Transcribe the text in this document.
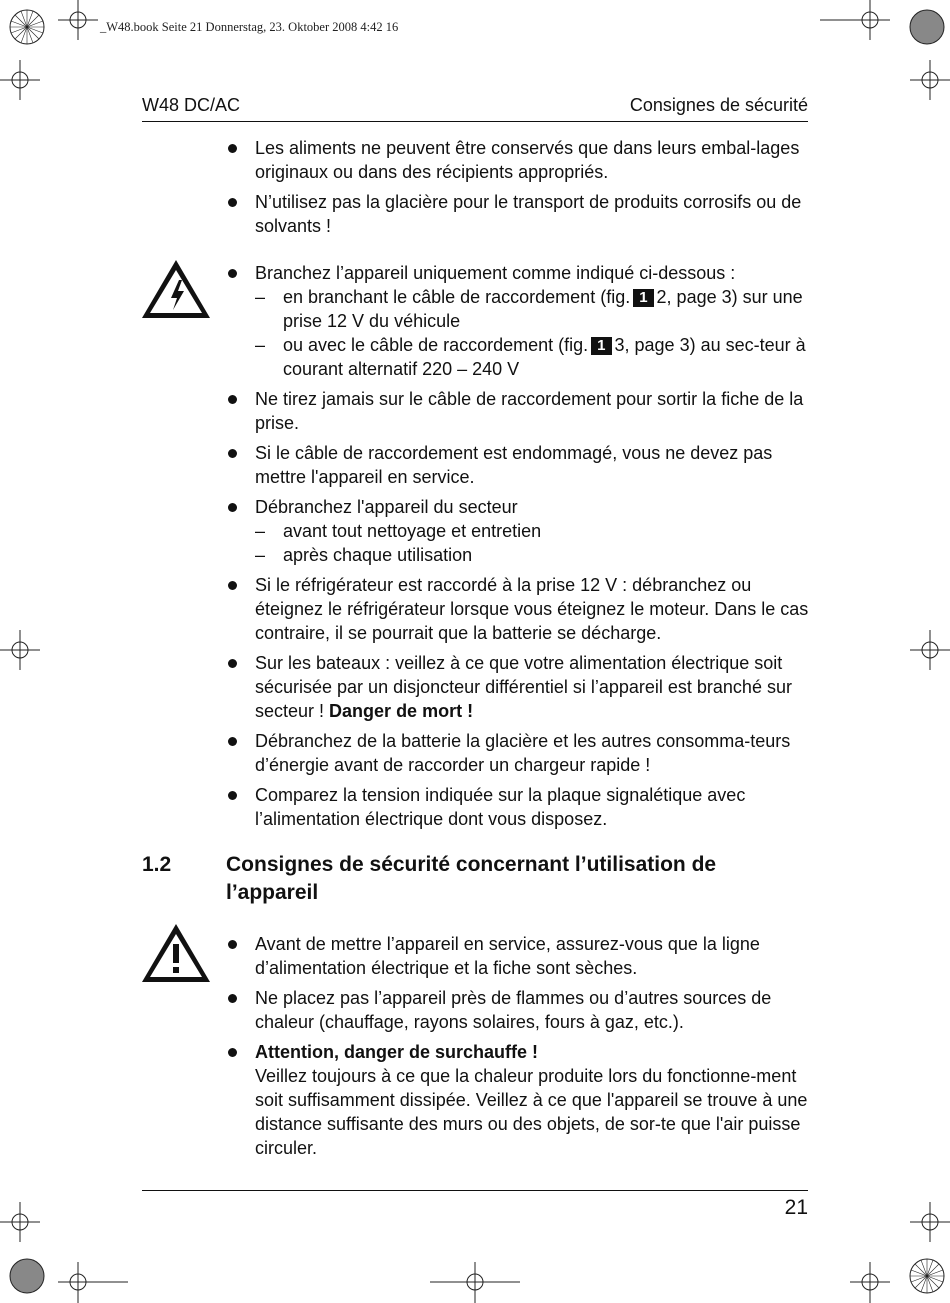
_W48.book Seite 21 Donnerstag, 23. Oktober 2008 4:42 16
W48 DC/AC	Consignes de sécurité
Les aliments ne peuvent être conservés que dans leurs embal-lages originaux ou dans des récipients appropriés.
N’utilisez pas la glacière pour le transport de produits corrosifs ou de solvants !
Branchez l’appareil uniquement comme indiqué ci-dessous :
– en branchant le câble de raccordement (fig. 1 2, page 3) sur une prise 12 V du véhicule
– ou avec le câble de raccordement (fig. 1 3, page 3) au sec-teur à courant alternatif 220 – 240 V
Ne tirez jamais sur le câble de raccordement pour sortir la fiche de la prise.
Si le câble de raccordement est endommagé, vous ne devez pas mettre l'appareil en service.
Débranchez l'appareil du secteur
– avant tout nettoyage et entretien
– après chaque utilisation
Si le réfrigérateur est raccordé à la prise 12 V : débranchez ou éteignez le réfrigérateur lorsque vous éteignez le moteur. Dans le cas contraire, il se pourrait que la batterie se décharge.
Sur les bateaux : veillez à ce que votre alimentation électrique soit sécurisée par un disjoncteur différentiel si l’appareil est branché sur secteur ! Danger de mort !
Débranchez de la batterie la glacière et les autres consomma-teurs d’énergie avant de raccorder un chargeur rapide !
Comparez la tension indiquée sur la plaque signalétique avec l’alimentation électrique dont vous disposez.
1.2	Consignes de sécurité concernant l’utilisation de l’appareil
Avant de mettre l’appareil en service, assurez-vous que la ligne d’alimentation électrique et la fiche sont sèches.
Ne placez pas l’appareil près de flammes ou d’autres sources de chaleur (chauffage, rayons solaires, fours à gaz, etc.).
Attention, danger de surchauffe !
Veillez toujours à ce que la chaleur produite lors du fonctionne-ment soit suffisamment dissipée. Veillez à ce que l'appareil se trouve à une distance suffisante des murs ou des objets, de sor-te que l'air puisse circuler.
21
